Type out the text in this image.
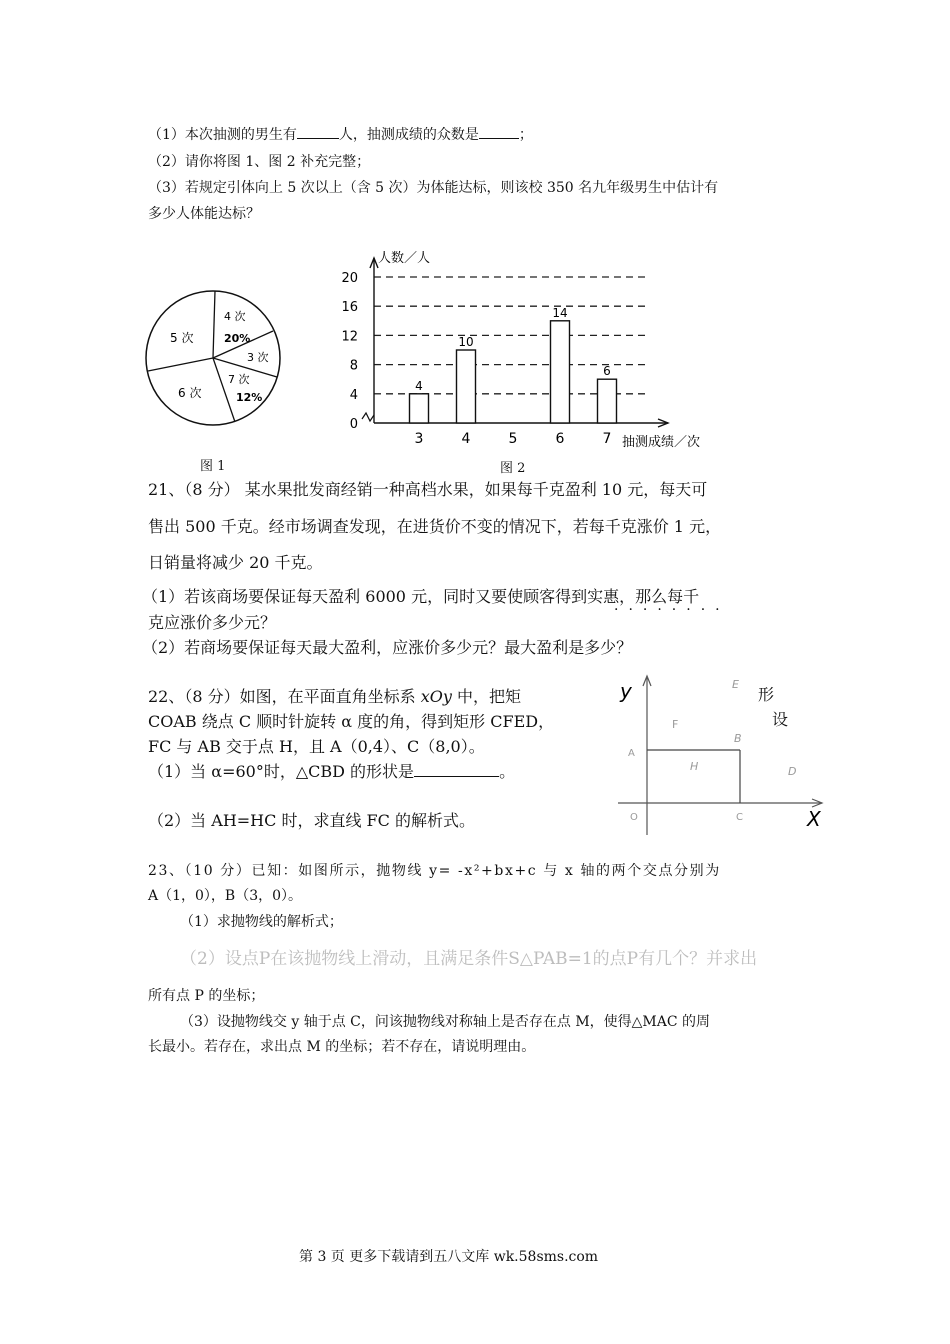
（1）本次抽测的男生有	人，抽测成绩的众数是	；
（2）请你将图 1、图 2 补充完整；
（3）若规定引体向上 5 次以上（含 5 次）为体能达标，则该校 350 名九年级男生中估计有
多少人体能达标？
4 次
20%
3 次
7 次
12%
6 次
5 次
图 1
0
4
8
12
16
20
人数／人
抽测成绩／次
3
4
4
10
5	6
14
7
6
图 2
21、（8 分） 某水果批发商经销一种高档水果，如果每千克盈利 10 元，每天可
售出 500 千克。经市场调查发现，在进货价不变的情况下，若每千克涨价 1 元，
日销量将减少 20 千克。
（1）若该商场要保证每天盈利 6000 元，同时又要使顾客得到实惠，那么每千
········
克应涨价多少元？
（2）若商场要保证每天最大盈利，应涨价多少元？最大盈利是多少？
22、（8 分）如图，在平面直角坐标系 xOy 中，把矩
COAB 绕点 C 顺时针旋转 α 度的角，得到矩形 CFED，
FC 与 AB 交于点 H，且 A（0,4）、C（8,0）。
（1）当 α=60°时，△CBD 的形状是	。
（2）当 AH=HC 时，求直线 FC 的解析式。
y
X
O
A
B
C
H
F
E
D
形
设
23、（10 分）已知：如图所示，抛物线 y= -x²+bx+c 与 x 轴的两个交点分别为
A（1，0），B（3，0）。
（1）求抛物线的解析式；
（2）设点P在该抛物线上滑动，且满足条件S△PAB=1的点P有几个？并求出
所有点 P 的坐标；
（3）设抛物线交 y 轴于点 C，问该抛物线对称轴上是否存在点 M，使得△MAC 的周
长最小。若存在，求出点 M 的坐标；若不存在，请说明理由。
第 3 页 更多下载请到五八文库 wk.58sms.com
